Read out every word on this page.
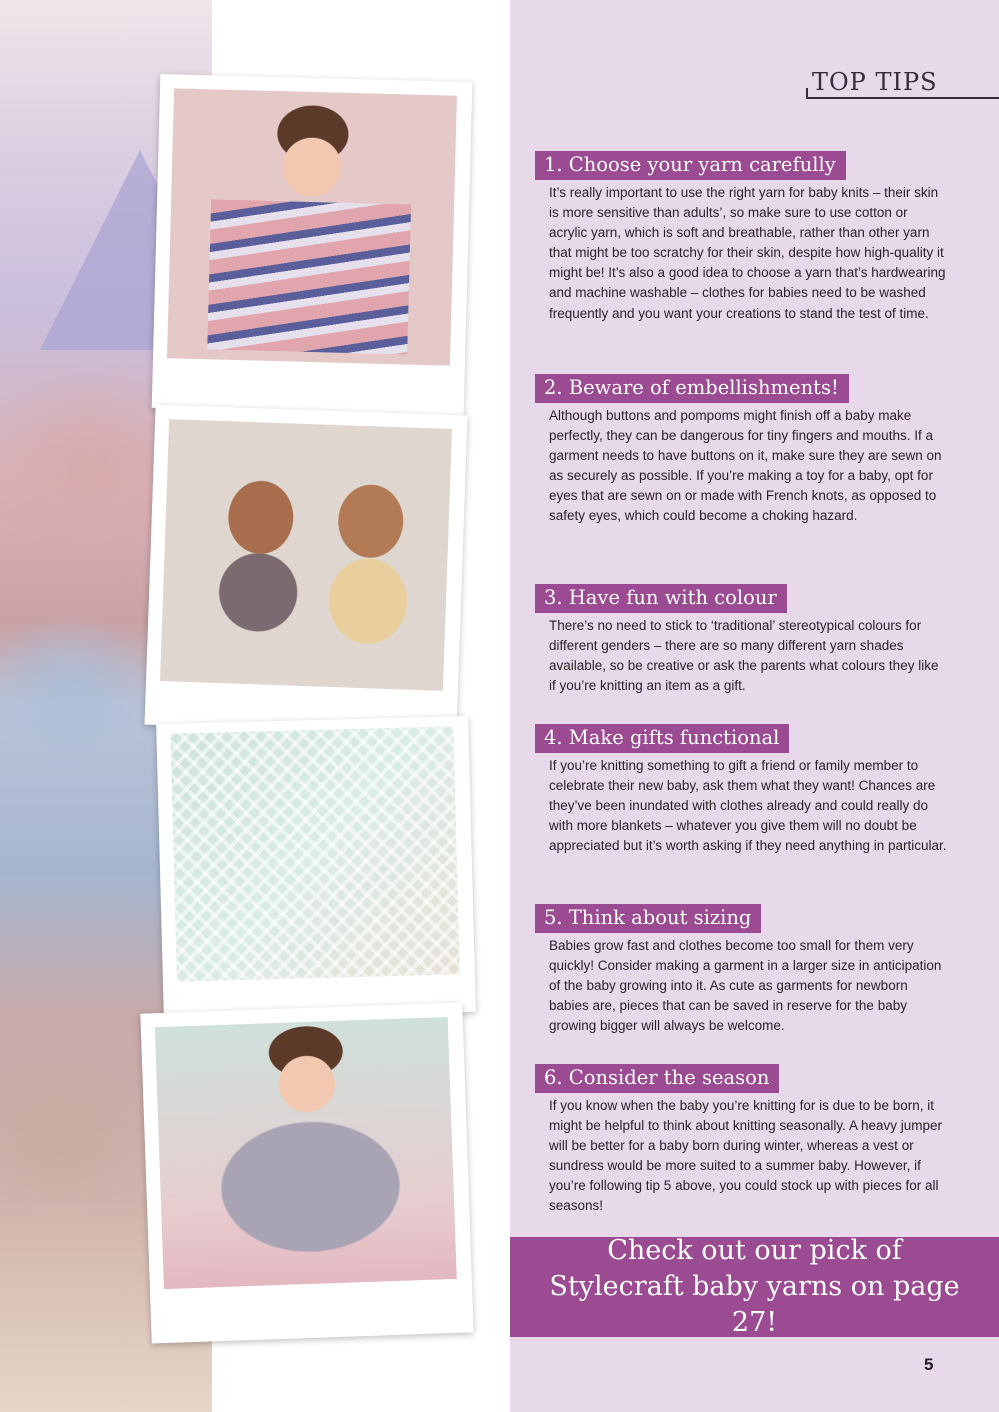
TOP TIPS
1. Choose your yarn carefully

It’s really important to use the right yarn for baby knits – their skin is more sensitive than adults’, so make sure to use cotton or acrylic yarn, which is soft and breathable, rather than other yarn that might be too scratchy for their skin, despite how high-quality it might be! It’s also a good idea to choose a yarn that’s hardwearing and machine washable – clothes for babies need to be washed frequently and you want your creations to stand the test of time.

2. Beware of embellishments!

Although buttons and pompoms might finish off a baby make perfectly, they can be dangerous for tiny fingers and mouths. If a garment needs to have buttons on it, make sure they are sewn on as securely as possible. If you’re making a toy for a baby, opt for eyes that are sewn on or made with French knots, as opposed to safety eyes, which could become a choking hazard.

3. Have fun with colour

There’s no need to stick to ‘traditional’ stereotypical colours for different genders – there are so many different yarn shades available, so be creative or ask the parents what colours they like if you’re knitting an item as a gift.

4. Make gifts functional

If you’re knitting something to gift a friend or family member to celebrate their new baby, ask them what they want! Chances are they’ve been inundated with clothes already and could really do with more blankets – whatever you give them will no doubt be appreciated but it’s worth asking if they need anything in particular.

5. Think about sizing

Babies grow fast and clothes become too small for them very quickly! Consider making a garment in a larger size in anticipation of the baby growing into it. As cute as garments for newborn babies are, pieces that can be saved in reserve for the baby growing bigger will always be welcome.

6. Consider the season

If you know when the baby you’re knitting for is due to be born, it might be helpful to think about knitting seasonally. A heavy jumper will be better for a baby born during winter, whereas a vest or sundress would be more suited to a summer baby. However, if you’re following tip 5 above, you could stock up with pieces for all seasons!

Check out our pick of Stylecraft baby yarns on page 27!
5
